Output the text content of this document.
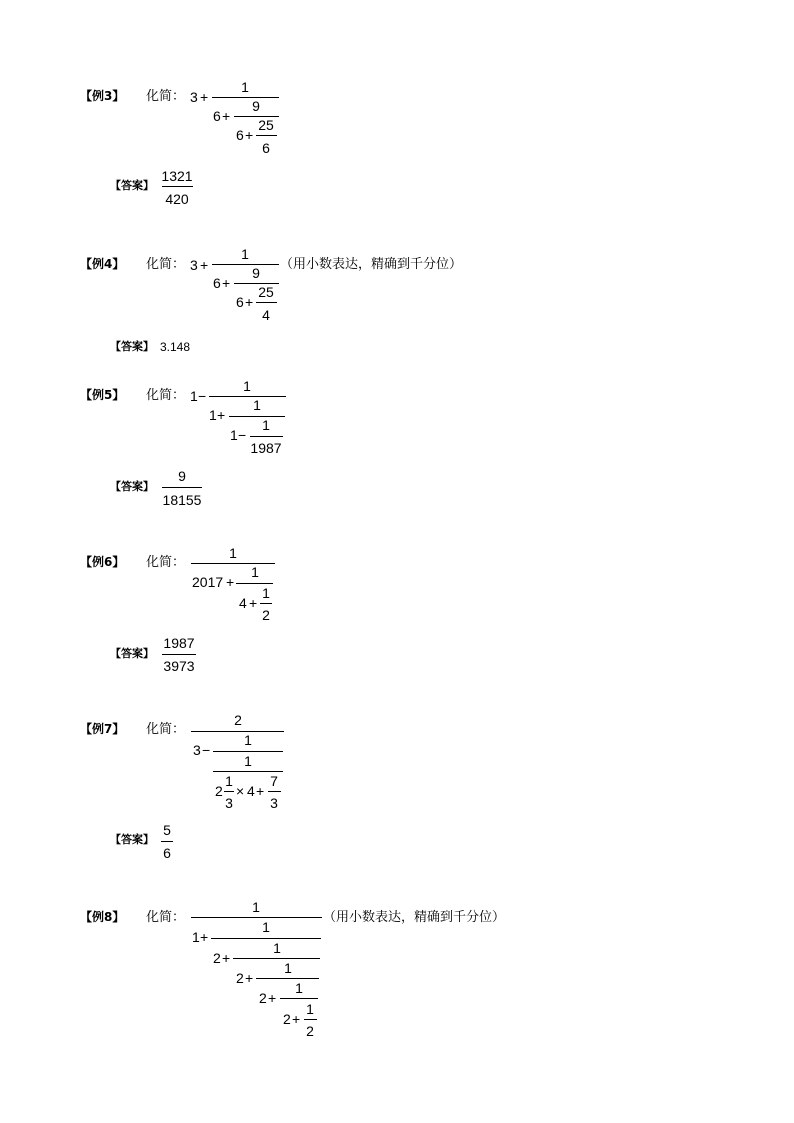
【例3】 化简： 3 +
1
6 +
9
6 +
25
6
【答案】
1321
420
【例4】 化简： 3 +
1
（用小数表达，精确到千分位）
6 +
9
6 +
25
4
【答案】 3.148
【例5】 化简： 1 −
1
1 +
1
1 −
1
1987
【答案】
9
18155
【例6】 化简：
1
2017 +
1
4 +
1
2
【答案】
1987
3973
【例7】 化简：
2
3 −
1
1
2
1
3
× 4 +
7
3
【答案】
5
6
【例8】 化简：
1
（用小数表达，精确到千分位）
1 +
1
2 +
1
2 +
1
2 +
1
2 +
1
2
